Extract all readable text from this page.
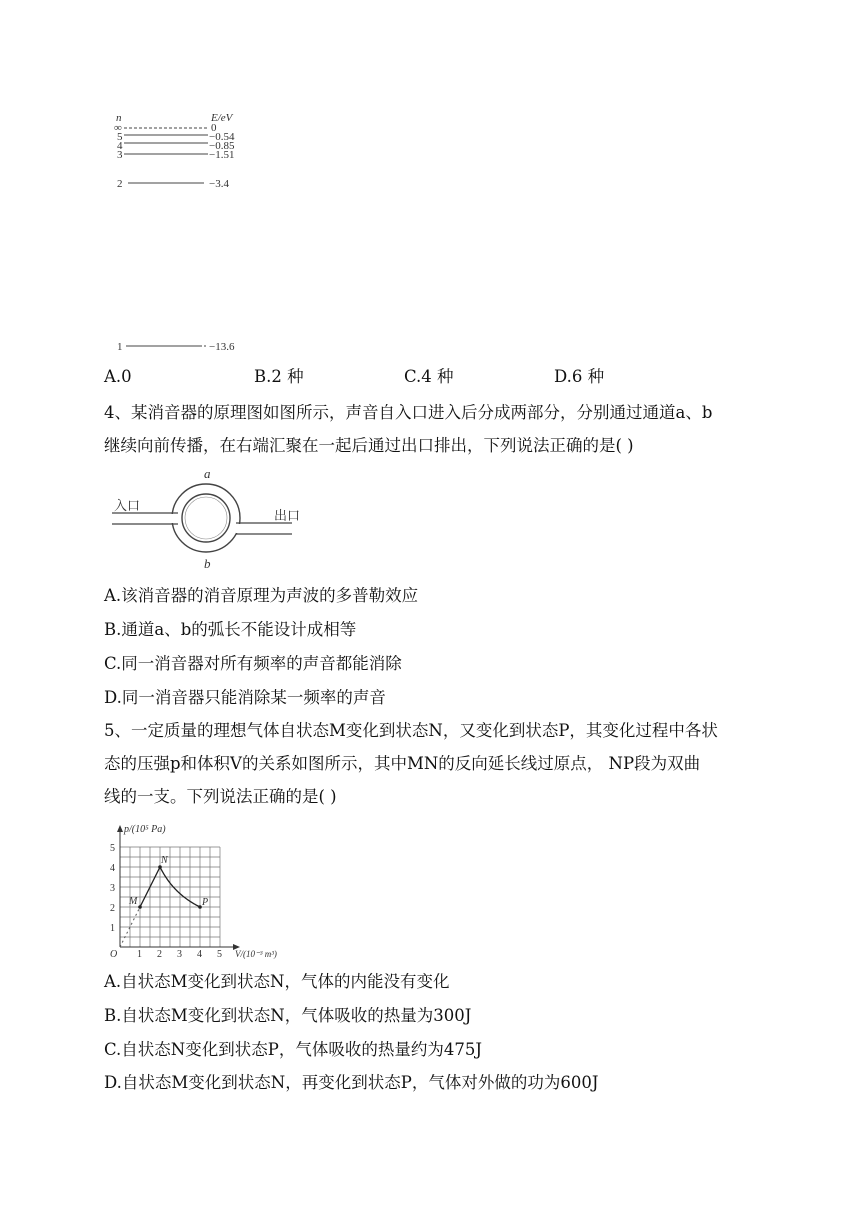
n	E/eV
∞	0
5	−0.54
4	−0.85
3	−1.51
2	−3.4
1	−13.6
A.0	B.2 种	C.4 种	D.6 种
4、某消音器的原理图如图所示，声音自入口进入后分成两部分，分别通过通道a、b
继续向前传播，在右端汇聚在一起后通过出口排出，下列说法正确的是( )
a
入口
出口
b
A.该消音器的消音原理为声波的多普勒效应
B.通道a、b的弧长不能设计成相等
C.同一消音器对所有频率的声音都能消除
D.同一消音器只能消除某一频率的声音
5、一定质量的理想气体自状态M变化到状态N，又变化到状态P，其变化过程中各状
态的压强p和体积V的关系如图所示，其中MN的反向延长线过原点， NP段为双曲
线的一支。下列说法正确的是( )
p/(10⁵ Pa)
V/(10⁻³ m³)
O 1 2 3 4 5
1
2
3
4
5
M
N
P
A.自状态M变化到状态N，气体的内能没有变化
B.自状态M变化到状态N，气体吸收的热量为300J
C.自状态N变化到状态P，气体吸收的热量约为475J
D.自状态M变化到状态N，再变化到状态P，气体对外做的功为600J
